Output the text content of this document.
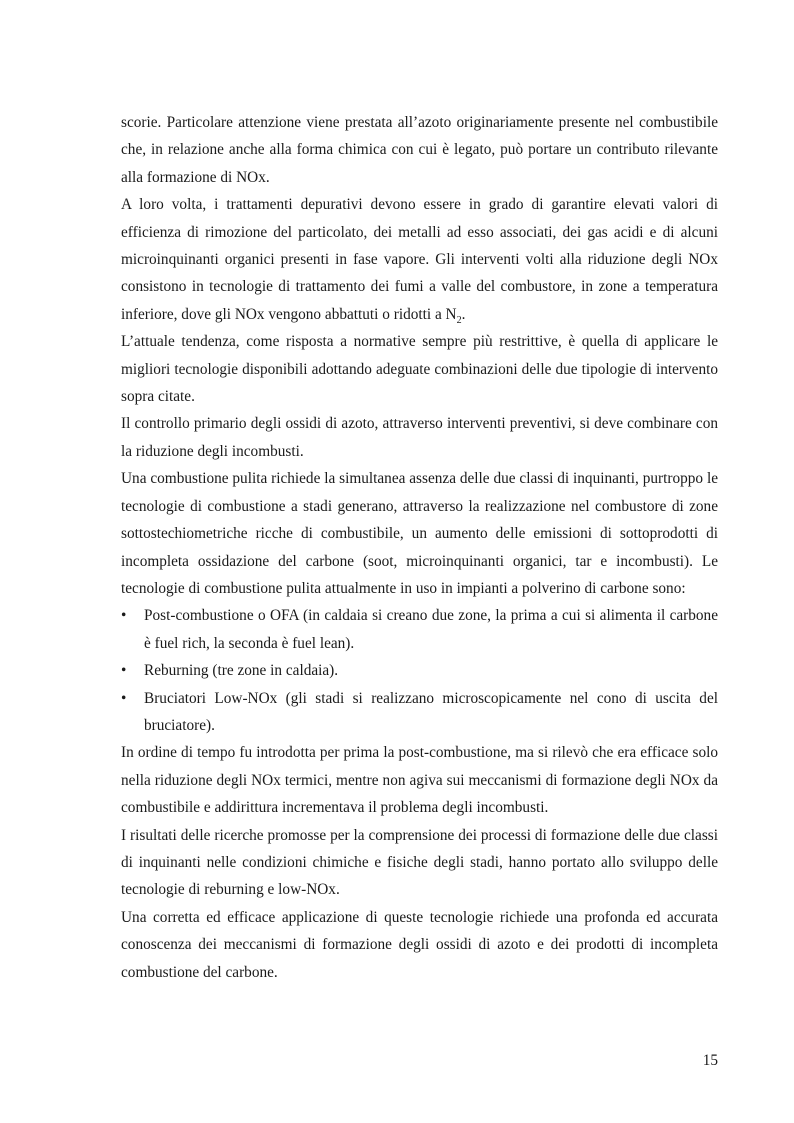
scorie. Particolare attenzione viene prestata all’azoto originariamente presente nel combustibile che, in relazione anche alla forma chimica con cui è legato, può portare un contributo rilevante alla formazione di NOx.

A loro volta, i trattamenti depurativi devono essere in grado di garantire elevati valori di efficienza di rimozione del particolato, dei metalli ad esso associati, dei gas acidi e di alcuni microinquinanti organici presenti in fase vapore. Gli interventi volti alla riduzione degli NOx consistono in tecnologie di trattamento dei fumi a valle del combustore, in zone a temperatura inferiore, dove gli NOx vengono abbattuti o ridotti a $N_2$.

L’attuale tendenza, come risposta a normative sempre più restrittive, è quella di applicare le migliori tecnologie disponibili adottando adeguate combinazioni delle due tipologie di intervento sopra citate.

Il controllo primario degli ossidi di azoto, attraverso interventi preventivi, si deve combinare con la riduzione degli incombusti.

Una combustione pulita richiede la simultanea assenza delle due classi di inquinanti, purtroppo le tecnologie di combustione a stadi generano, attraverso la realizzazione nel combustore di zone sottostechiometriche ricche di combustibile, un aumento delle emissioni di sottoprodotti di incompleta ossidazione del carbone (soot, microinquinanti organici, tar e incombusti). Le tecnologie di combustione pulita attualmente in uso in impianti a polverino di carbone sono:

• Post-combustione o OFA (in caldaia si creano due zone, la prima a cui si alimenta il carbone è fuel rich, la seconda è fuel lean).
• Reburning (tre zone in caldaia).
• Bruciatori Low-NOx (gli stadi si realizzano microscopicamente nel cono di uscita del bruciatore).

In ordine di tempo fu introdotta per prima la post-combustione, ma si rilevò che era efficace solo nella riduzione degli NOx termici, mentre non agiva sui meccanismi di formazione degli NOx da combustibile e addirittura incrementava il problema degli incombusti.

I risultati delle ricerche promosse per la comprensione dei processi di formazione delle due classi di inquinanti nelle condizioni chimiche e fisiche degli stadi, hanno portato allo sviluppo delle tecnologie di reburning e low-NOx.

Una corretta ed efficace applicazione di queste tecnologie richiede una profonda ed accurata conoscenza dei meccanismi di formazione degli ossidi di azoto e dei prodotti di incompleta combustione del carbone.

15
